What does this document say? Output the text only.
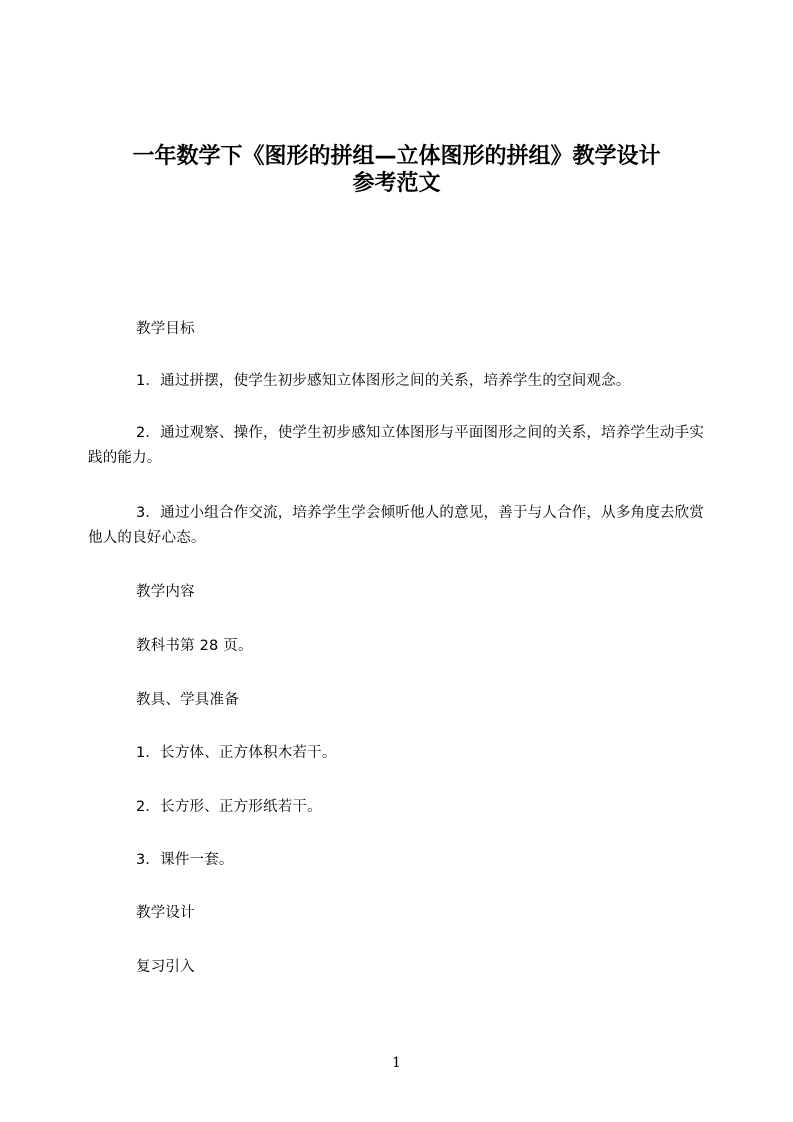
一年数学下《图形的拼组—立体图形的拼组》教学设计
参考范文

教学目标

1．通过拼摆，使学生初步感知立体图形之间的关系，培养学生的空间观念。

2．通过观察、操作，使学生初步感知立体图形与平面图形之间的关系，培养学生动手实践的能力。

3．通过小组合作交流，培养学生学会倾听他人的意见，善于与人合作，从多角度去欣赏他人的良好心态。

教学内容

教科书第 28 页。

教具、学具准备

1．长方体、正方体积木若干。

2．长方形、正方形纸若干。

3．课件一套。

教学设计

复习引入

1
